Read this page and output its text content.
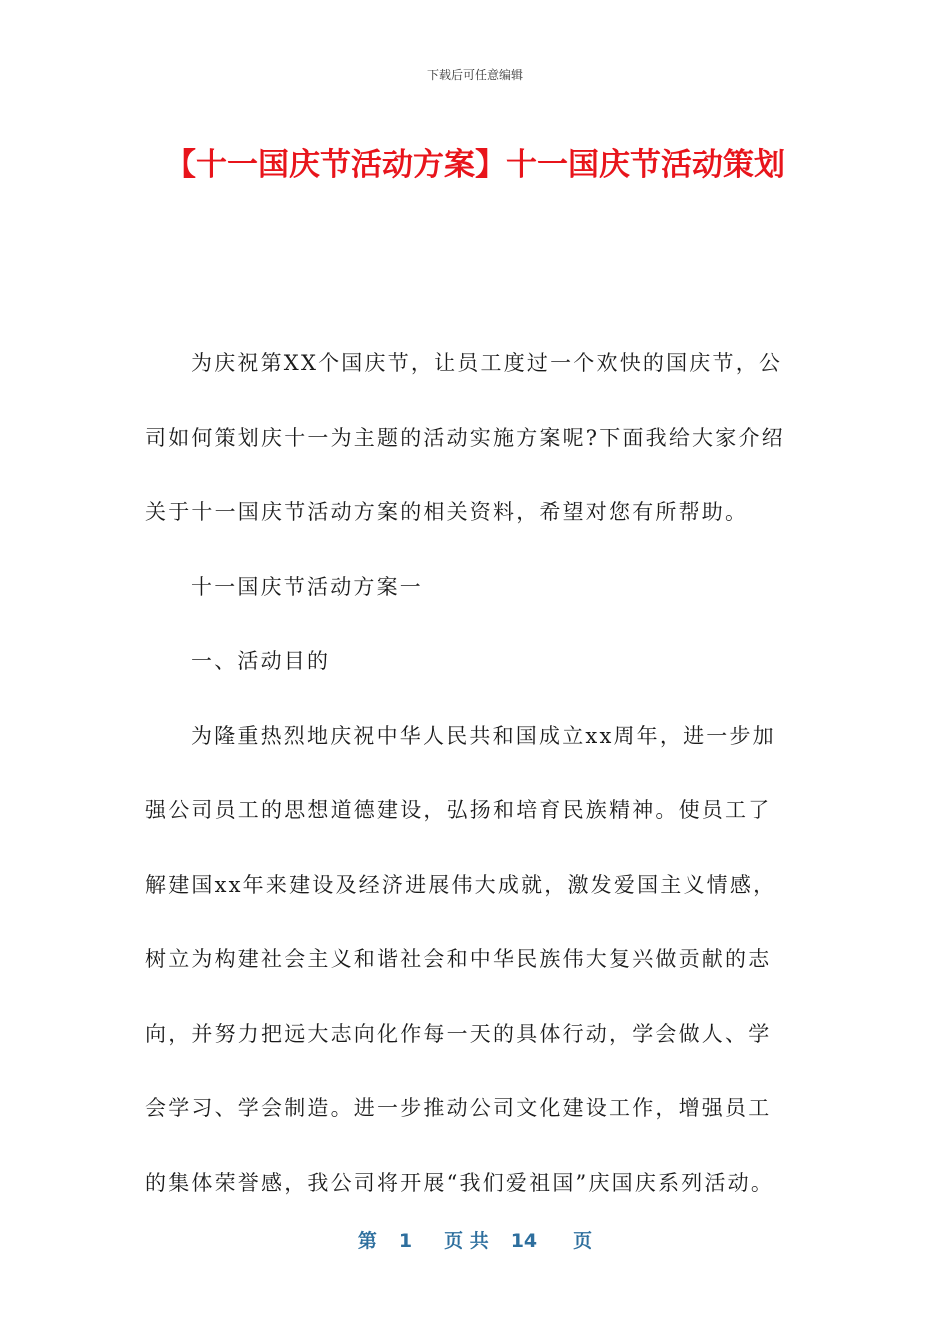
下载后可任意编辑
【十一国庆节活动方案】十一国庆节活动策划

为庆祝第XX个国庆节，让员工度过一个欢快的国庆节，公
司如何策划庆十一为主题的活动实施方案呢?下面我给大家介绍
关于十一国庆节活动方案的相关资料，希望对您有所帮助。

十一国庆节活动方案一

一、活动目的

为隆重热烈地庆祝中华人民共和国成立xx周年，进一步加
强公司员工的思想道德建设，弘扬和培育民族精神。使员工了
解建国xx年来建设及经济进展伟大成就，激发爱国主义情感，
树立为构建社会主义和谐社会和中华民族伟大复兴做贡献的志
向，并努力把远大志向化作每一天的具体行动，学会做人、学
会学习、学会制造。进一步推动公司文化建设工作，增强员工
的集体荣誉感，我公司将开展“我们爱祖国”庆国庆系列活动。

第 1 页 共 14 页
